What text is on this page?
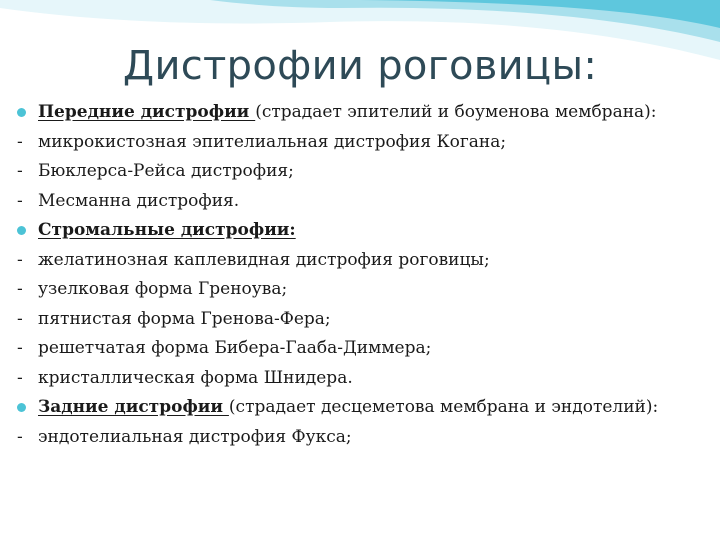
Дистрофии роговицы:
Передние дистрофии (страдает эпителий и боуменова мембрана):
- микрокистозная эпителиальная дистрофия Когана;
- Бюклерса-Рейса дистрофия;
- Месманна дистрофия.
Стромальные дистрофии:
- желатинозная каплевидная дистрофия роговицы;
- узелковая форма Греноува;
- пятнистая форма Гренова-Фера;
- решетчатая форма Бибера-Гааба-Диммера;
- кристаллическая форма Шнидера.
Задние дистрофии (страдает десцеметова мембрана и эндотелий):
- эндотелиальная дистрофия Фукса;
